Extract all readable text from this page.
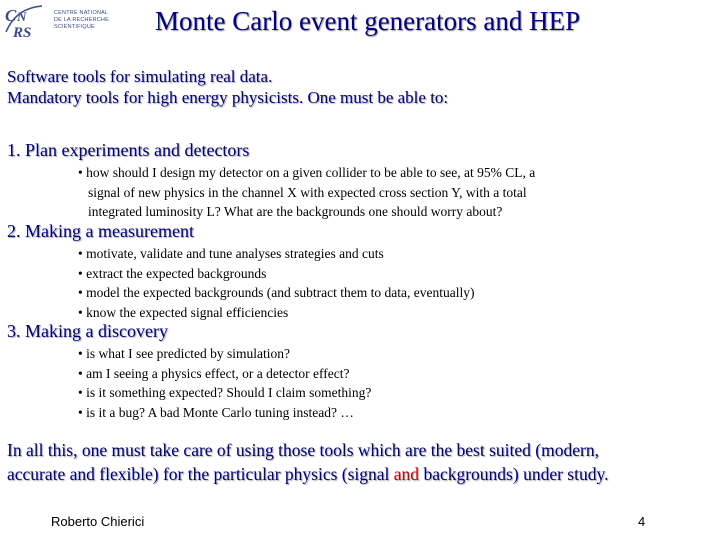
C N
RS
CENTRE NATIONAL
DE LA RECHERCHE
SCIENTIFIQUE	Monte Carlo event generators and HEP
Software tools for simulating real data.
Mandatory tools for high energy physicists. One must be able to:
1. Plan experiments and detectors
• how should I design my detector on a given collider to be able to see, at 95% CL, a
signal of new physics in the channel X with expected cross section Y, with a total
integrated luminosity L? What are the backgrounds one should worry about?
2. Making a measurement
• motivate, validate and tune analyses strategies and cuts
• extract the expected backgrounds
• model the expected backgrounds (and subtract them to data, eventually)
• know the expected signal efficiencies
3. Making a discovery
• is what I see predicted by simulation?
• am I seeing a physics effect, or a detector effect?
• is it something expected? Should I claim something?
• is it a bug? A bad Monte Carlo tuning instead? …
In all this, one must take care of using those tools which are the best suited (modern,
accurate and flexible) for the particular physics (signal and backgrounds) under study.
Roberto Chierici	4
